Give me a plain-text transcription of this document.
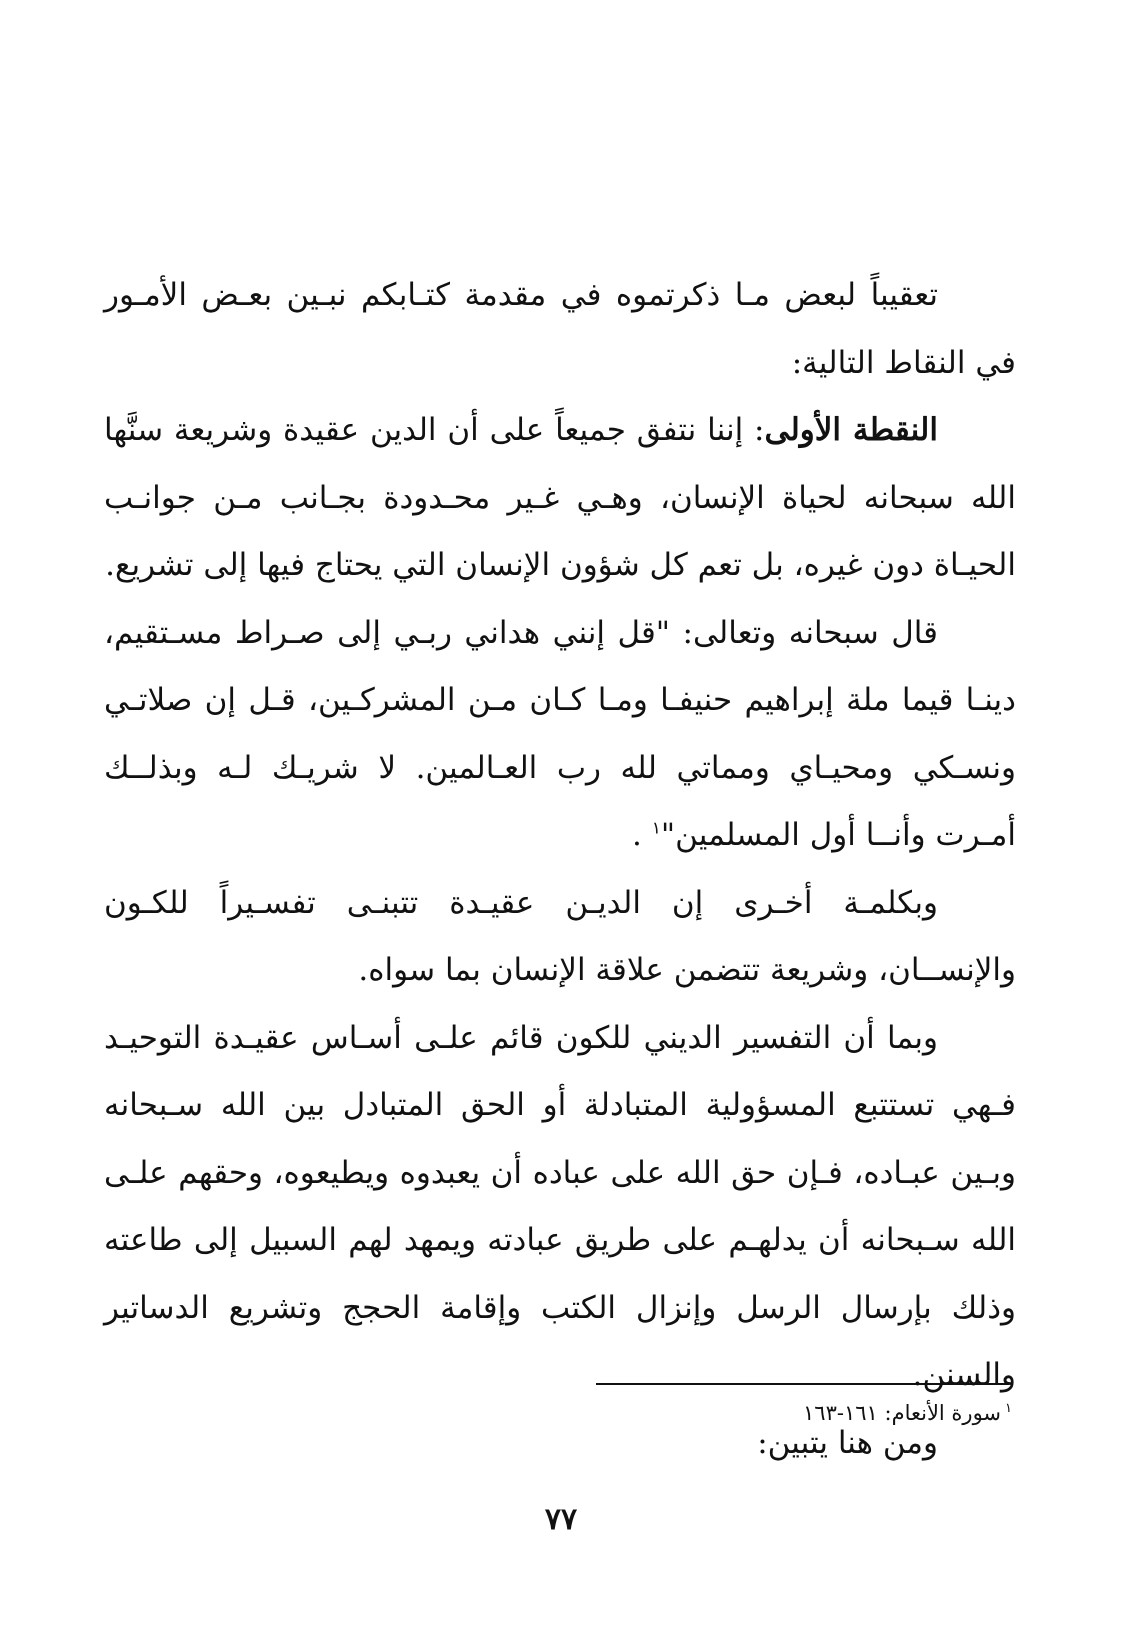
تعقيباً لبعض مـا ذكرتموه في مقدمة كتـابكم نبـين بعـض الأمـور في النقاط التالية:

النقطة الأولى: إننا نتفق جميعاً على أن الدين عقيدة وشريعة سنَّها الله سبحانه لحياة الإنسان، وهـي غـير محـدودة بجـانب مـن جوانـب الحيـاة دون غيره، بل تعم كل شؤون الإنسان التي يحتاج فيها إلى تشريع.

قال سبحانه وتعالى: "قل إنني هداني ربـي إلى صـراط مسـتقيم، دينـا قيما ملة إبراهيم حنيفـا ومـا كـان مـن المشركـين، قـل إن صلاتـي ونسـكي ومحيـاي ومماتي لله رب العـالمين. لا شريـك لـه وبذلــك أمـرت وأنــا أول المسلمين"$^١$ .

وبكلمـة أخـرى إن الديـن عقيـدة تتبنـى تفسـيراً للكـون والإنســان، وشريعة تتضمن علاقة الإنسان بما سواه.

وبما أن التفسير الديني للكون قائم علـى أسـاس عقيـدة التوحيـد فـهي تستتبع المسؤولية المتبادلة أو الحق المتبادل بين الله سـبحانه وبـين عبـاده، فـإن حق الله على عباده أن يعبدوه ويطيعوه، وحقهم علـى الله سـبحانه أن يدلهـم على طريق عبادته ويمهد لهم السبيل إلى طاعته وذلك بإرسال الرسل وإنزال الكتب وإقامة الحجج وتشريع الدساتير والسنن.

ومن هنا يتبين:

$^١$سورة الأنعام: ١٦١-١٦٣
٧٧
